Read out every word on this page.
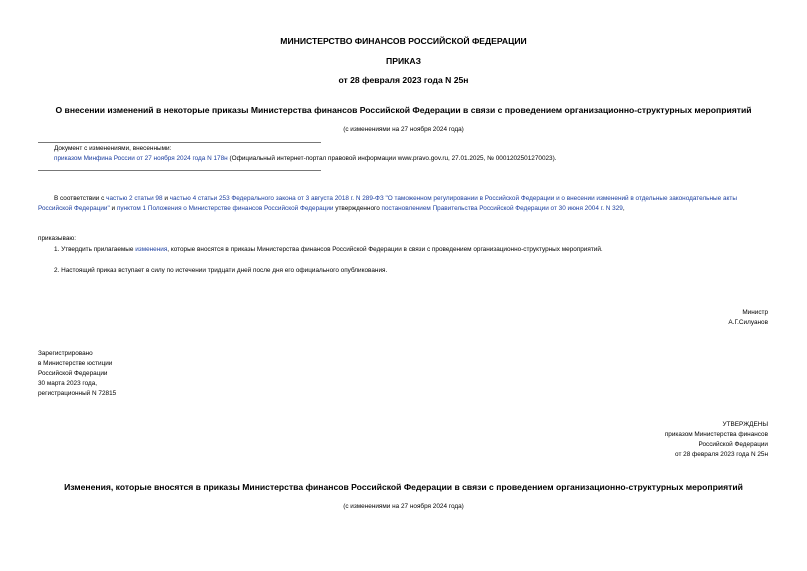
МИНИСТЕРСТВО ФИНАНСОВ РОССИЙСКОЙ ФЕДЕРАЦИИ
ПРИКАЗ
от 28 февраля 2023 года N 25н
О внесении изменений в некоторые приказы Министерства финансов Российской Федерации в связи с проведением организационно-структурных мероприятий
(с изменениями на 27 ноября 2024 года)
Документ с изменениями, внесенными:
приказом Минфина России от 27 ноября 2024 года N 178н (Официальный интернет-портал правовой информации www.pravo.gov.ru, 27.01.2025, № 0001202501270023).
В соответствии с частью 2 статьи 98 и частью 4 статьи 253 Федерального закона от 3 августа 2018 г. N 289-ФЗ "О таможенном регулировании в Российской Федерации и о внесении изменений в отдельные законодательные акты Российской Федерации" и пунктом 1 Положения о Министерстве финансов Российской Федерации утвержденного постановлением Правительства Российской Федерации от 30 июня 2004 г. N 329,
приказываю:
1. Утвердить прилагаемые изменения, которые вносятся в приказы Министерства финансов Российской Федерации в связи с проведением организационно-структурных мероприятий.
2. Настоящий приказ вступает в силу по истечении тридцати дней после дня его официального опубликования.
Министр
А.Г.Силуанов
Зарегистрировано
в Министерстве юстиции
Российской Федерации
30 марта 2023 года,
регистрационный N 72815
УТВЕРЖДЕНЫ
приказом Министерства финансов
Российской Федерации
от 28 февраля 2023 года N 25н
Изменения, которые вносятся в приказы Министерства финансов Российской Федерации в связи с проведением организационно-структурных мероприятий
(с изменениями на 27 ноября 2024 года)
